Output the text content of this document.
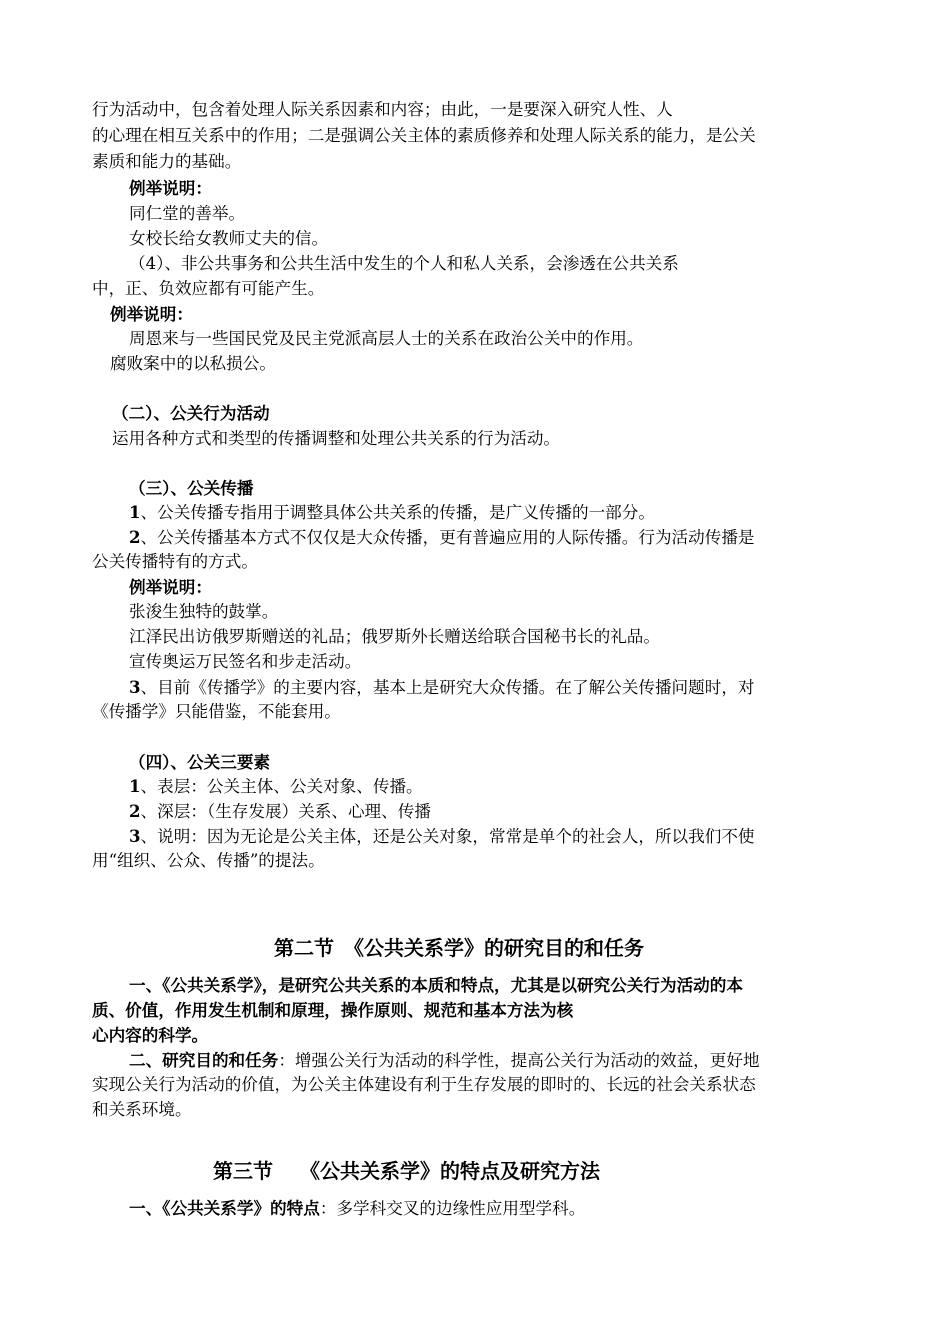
行为活动中，包含着处理人际关系因素和内容；由此，一是要深入研究人性、人
的心理在相互关系中的作用；二是强调公关主体的素质修养和处理人际关系的能力，是公关
素质和能力的基础。
例举说明：
同仁堂的善举。
女校长给女教师丈夫的信。
（4）、非公共事务和公共生活中发生的个人和私人关系，会渗透在公共关系
中，正、负效应都有可能产生。
例举说明：
周恩来与一些国民党及民主党派高层人士的关系在政治公关中的作用。
腐败案中的以私损公。
（二）、公关行为活动
运用各种方式和类型的传播调整和处理公共关系的行为活动。
（三）、公关传播
1、公关传播专指用于调整具体公共关系的传播，是广义传播的一部分。
2、公关传播基本方式不仅仅是大众传播，更有普遍应用的人际传播。行为活动传播是
公关传播特有的方式。
例举说明：
张浚生独特的鼓掌。
江泽民出访俄罗斯赠送的礼品；俄罗斯外长赠送给联合国秘书长的礼品。
宣传奥运万民签名和步走活动。
3、目前《传播学》的主要内容，基本上是研究大众传播。在了解公关传播问题时，对
《传播学》只能借鉴，不能套用。
（四）、公关三要素
1、表层：公关主体、公关对象、传播。
2、深层：（生存发展）关系、心理、传播
3、说明：因为无论是公关主体，还是公关对象，常常是单个的社会人，所以我们不使
用“组织、公众、传播”的提法。
第二节　《公共关系学》的研究目的和任务
一、《公共关系学》，是研究公共关系的本质和特点，尤其是以研究公关行为活动的本
质、价值，作用发生机制和原理，操作原则、规范和基本方法为核
心内容的科学。
二、研究目的和任务：增强公关行为活动的科学性，提高公关行为活动的效益，更好地
实现公关行为活动的价值，为公关主体建设有利于生存发展的即时的、长远的社会关系状态
和关系环境。
第三节　 《公共关系学》的特点及研究方法
一、《公共关系学》的特点：多学科交叉的边缘性应用型学科。
